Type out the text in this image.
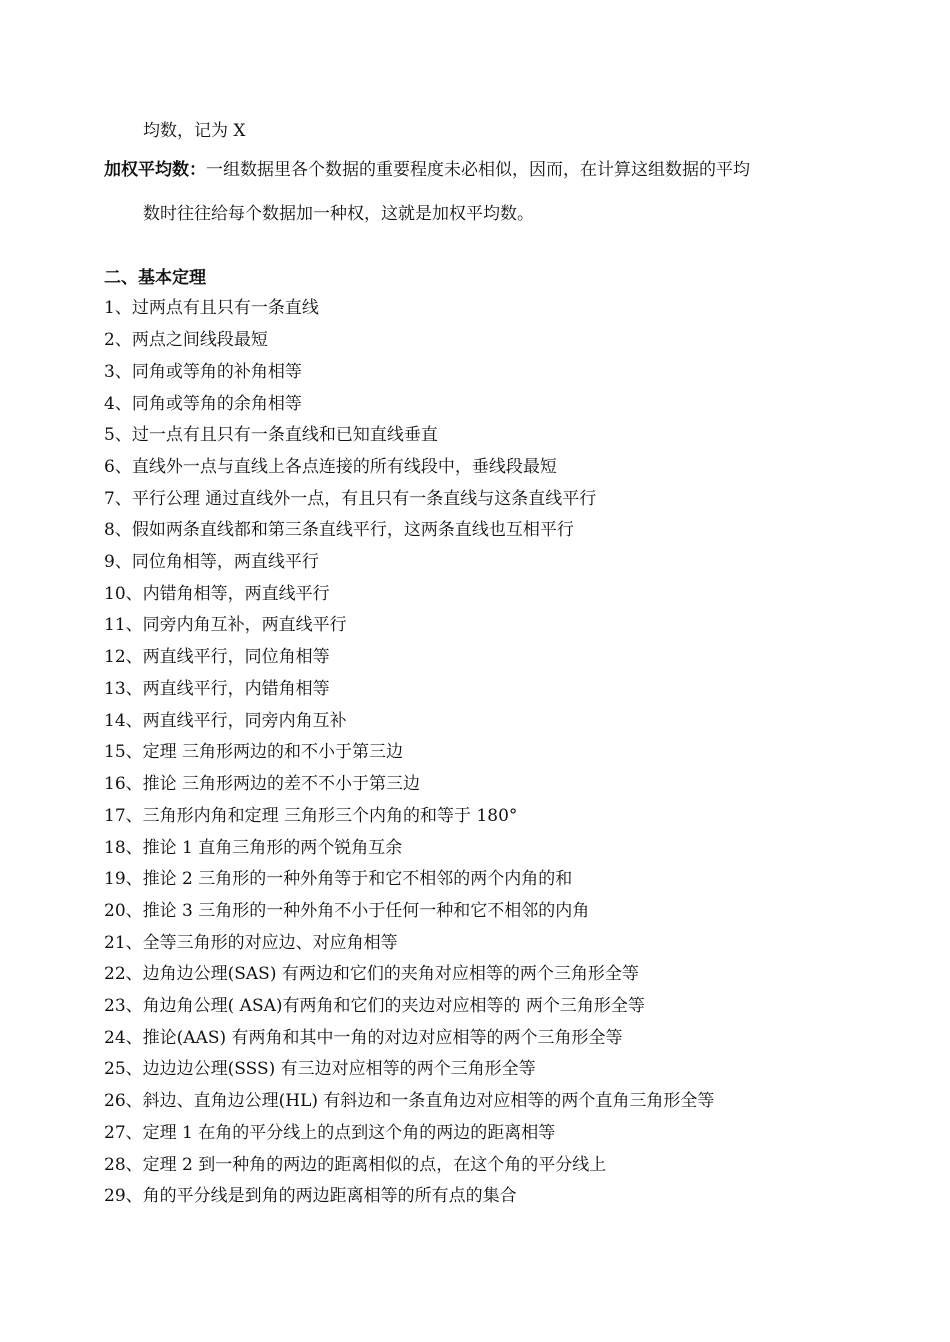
均数，记为 X
加权平均数：一组数据里各个数据的重要程度未必相似，因而，在计算这组数据的平均
数时往往给每个数据加一种权，这就是加权平均数。
二、基本定理
1、过两点有且只有一条直线
2、两点之间线段最短
3、同角或等角的补角相等
4、同角或等角的余角相等
5、过一点有且只有一条直线和已知直线垂直
6、直线外一点与直线上各点连接的所有线段中，垂线段最短
7、平行公理 通过直线外一点，有且只有一条直线与这条直线平行
8、假如两条直线都和第三条直线平行，这两条直线也互相平行
9、同位角相等，两直线平行
10、内错角相等，两直线平行
11、同旁内角互补，两直线平行
12、两直线平行，同位角相等
13、两直线平行，内错角相等
14、两直线平行，同旁内角互补
15、定理 三角形两边的和不小于第三边
16、推论 三角形两边的差不不小于第三边
17、三角形内角和定理 三角形三个内角的和等于 180°
18、推论 1 直角三角形的两个锐角互余
19、推论 2 三角形的一种外角等于和它不相邻的两个内角的和
20、推论 3 三角形的一种外角不小于任何一种和它不相邻的内角
21、全等三角形的对应边、对应角相等
22、边角边公理(SAS) 有两边和它们的夹角对应相等的两个三角形全等
23、角边角公理( ASA)有两角和它们的夹边对应相等的 两个三角形全等
24、推论(AAS) 有两角和其中一角的对边对应相等的两个三角形全等
25、边边边公理(SSS) 有三边对应相等的两个三角形全等
26、斜边、直角边公理(HL) 有斜边和一条直角边对应相等的两个直角三角形全等
27、定理 1 在角的平分线上的点到这个角的两边的距离相等
28、定理 2 到一种角的两边的距离相似的点，在这个角的平分线上
29、角的平分线是到角的两边距离相等的所有点的集合
